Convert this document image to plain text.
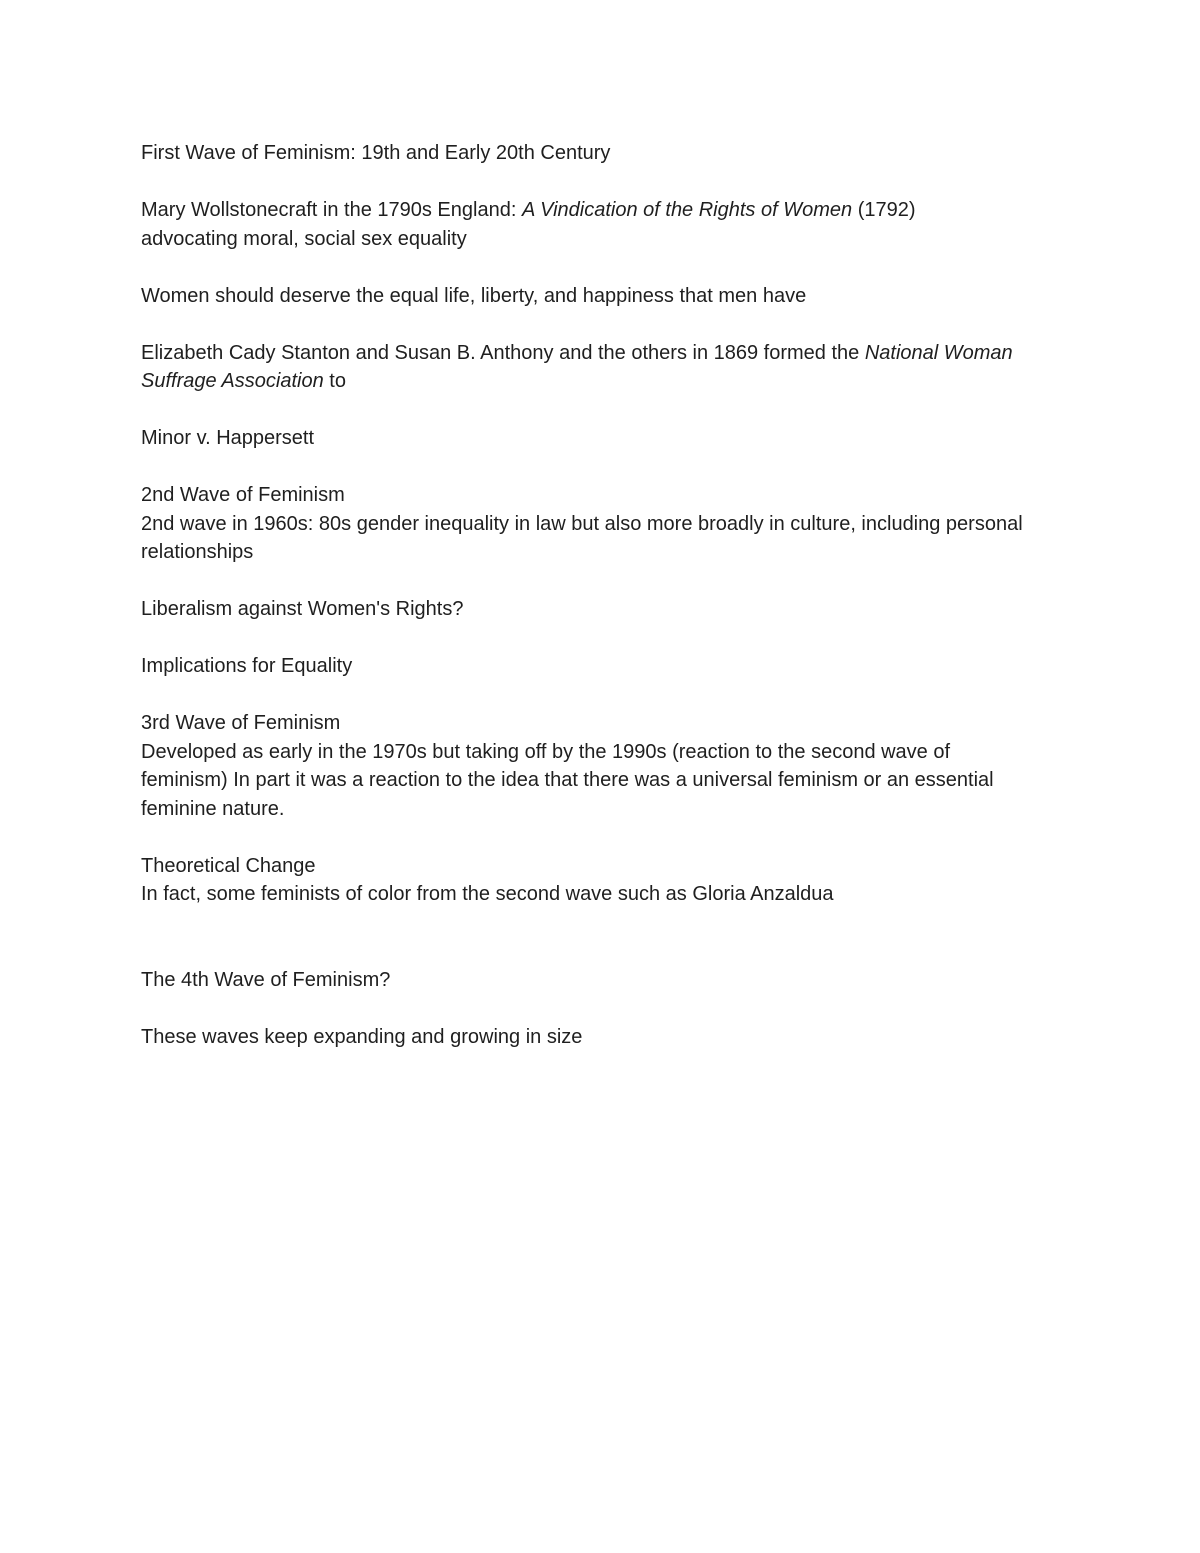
First Wave of Feminism: 19th and Early 20th Century

Mary Wollstonecraft in the 1790s England: A Vindication of the Rights of Women (1792)
advocating moral, social sex equality

Women should deserve the equal life, liberty, and happiness that men have

Elizabeth Cady Stanton and Susan B. Anthony and the others in 1869 formed the National Woman Suffrage Association to

Minor v. Happersett

2nd Wave of Feminism

2nd wave in 1960s: 80s gender inequality in law but also more broadly in culture, including personal relationships

Liberalism against Women's Rights?

Implications for Equality

3rd Wave of Feminism

Developed as early in the 1970s but taking off by the 1990s (reaction to the second wave of feminism) In part it was a reaction to the idea that there was a universal feminism or an essential feminine nature.

Theoretical Change

In fact, some feminists of color from the second wave such as Gloria Anzaldua

The 4th Wave of Feminism?

These waves keep expanding and growing in size
